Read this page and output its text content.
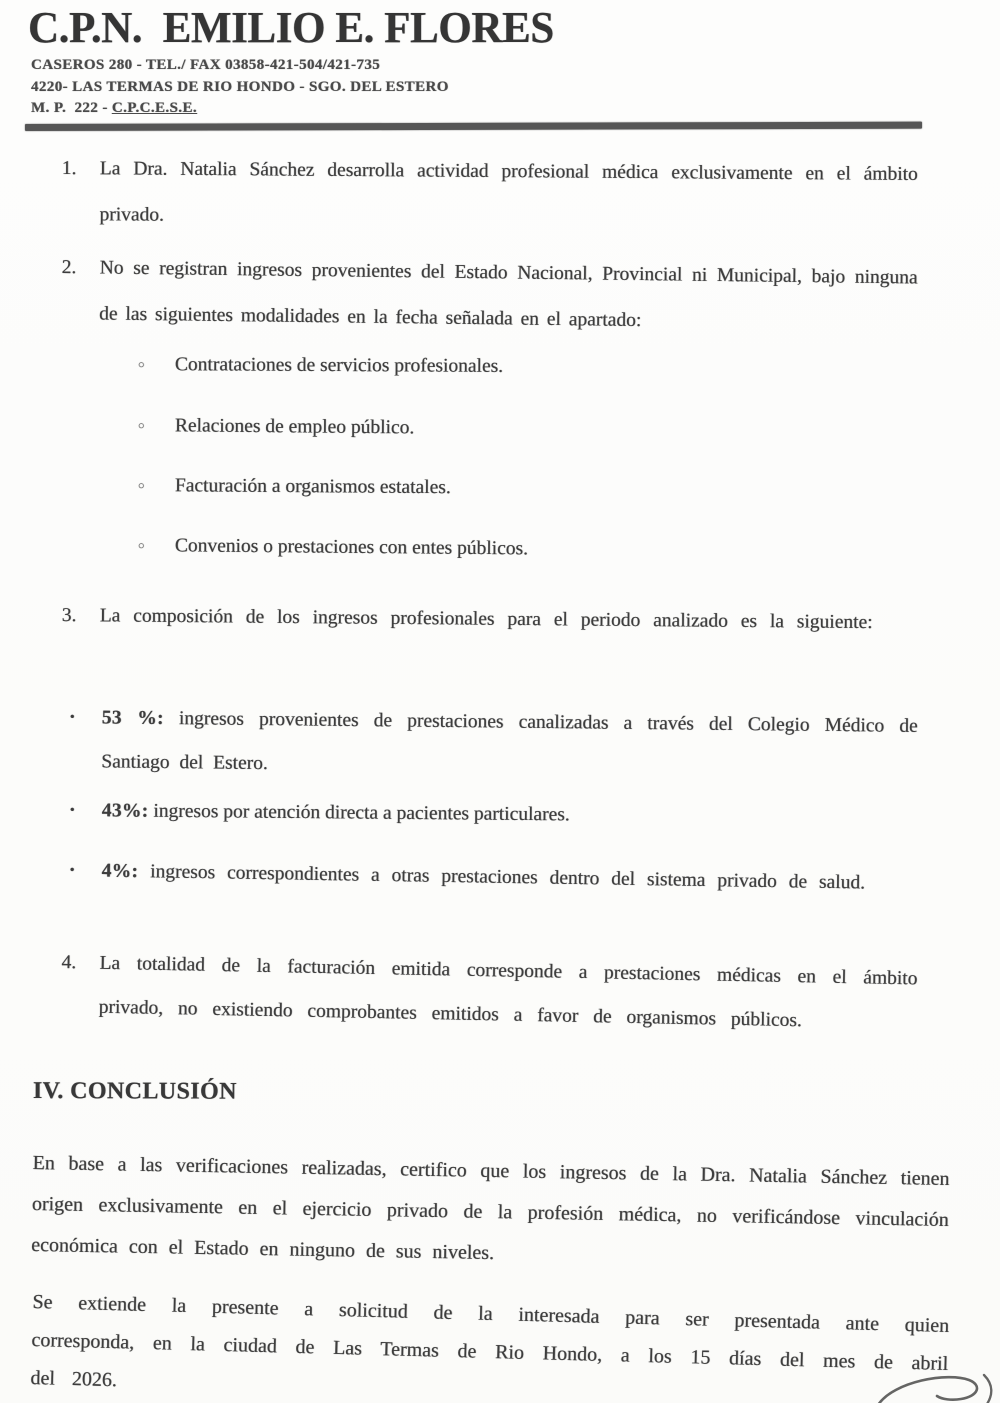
C.P.N.  EMILIO E. FLORES
CASEROS 280 - TEL./ FAX 03858-421-504/421-735
4220- LAS TERMAS DE RIO HONDO - SGO. DEL ESTERO
M. P.  222 - C.P.C.E.S.E.
1. La Dra. Natalia Sánchez desarrolla actividad profesional médica exclusivamente en el ámbito privado.
2. No se registran ingresos provenientes del Estado Nacional, Provincial ni Municipal, bajo ninguna de las siguientes modalidades en la fecha señalada en el apartado:
○ Contrataciones de servicios profesionales.
○ Relaciones de empleo público.
○ Facturación a organismos estatales.
○ Convenios o prestaciones con entes públicos.
3. La composición de los ingresos profesionales para el periodo analizado es la siguiente:
• 53 %: ingresos provenientes de prestaciones canalizadas a través del Colegio Médico de Santiago del Estero.
• 43%: ingresos por atención directa a pacientes particulares.
• 4%: ingresos correspondientes a otras prestaciones dentro del sistema privado de salud.
4. La totalidad de la facturación emitida corresponde a prestaciones médicas en el ámbito privado, no existiendo comprobantes emitidos a favor de organismos públicos.
IV. CONCLUSIÓN
En base a las verificaciones realizadas, certifico que los ingresos de la Dra. Natalia Sánchez tienen origen exclusivamente en el ejercicio privado de la profesión médica, no verificándose vinculación económica con el Estado en ninguno de sus niveles.
Se extiende la presente a solicitud de la interesada para ser presentada ante quien corresponda, en la ciudad de Las Termas de Rio Hondo, a los 15 días del mes de abril del 2026.
